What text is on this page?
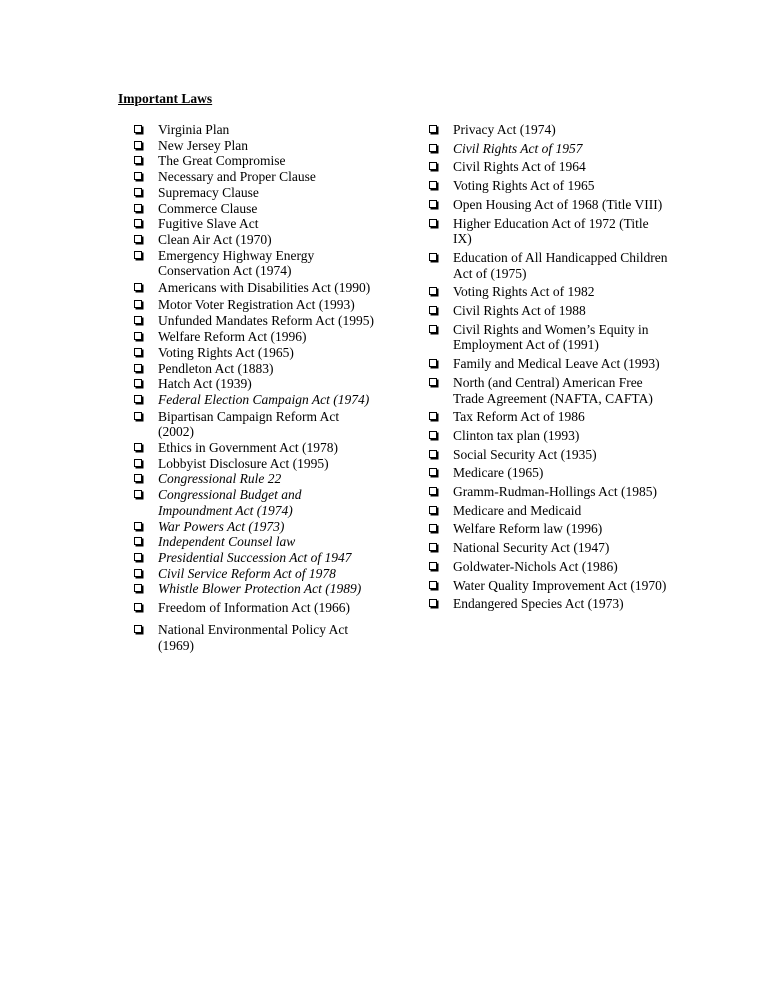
Important Laws

Virginia Plan
New Jersey Plan
The Great Compromise
Necessary and Proper Clause
Supremacy Clause
Commerce Clause
Fugitive Slave Act
Clean Air Act (1970)
Emergency Highway Energy Conservation Act (1974)
Americans with Disabilities Act (1990)
Motor Voter Registration Act (1993)
Unfunded Mandates Reform Act (1995)
Welfare Reform Act (1996)
Voting Rights Act (1965)
Pendleton Act (1883)
Hatch Act (1939)
Federal Election Campaign Act (1974)
Bipartisan Campaign Reform Act (2002)
Ethics in Government Act (1978)
Lobbyist Disclosure Act (1995)
Congressional Rule 22
Congressional Budget and Impoundment Act (1974)
War Powers Act (1973)
Independent Counsel law
Presidential Succession Act of 1947
Civil Service Reform Act of 1978
Whistle Blower Protection Act (1989)
Freedom of Information Act (1966)
National Environmental Policy Act (1969)
Privacy Act (1974)
Civil Rights Act of 1957
Civil Rights Act of 1964
Voting Rights Act of 1965
Open Housing Act of 1968 (Title VIII)
Higher Education Act of 1972 (Title IX)
Education of All Handicapped Children Act of (1975)
Voting Rights Act of 1982
Civil Rights Act of 1988
Civil Rights and Women’s Equity in Employment Act of (1991)
Family and Medical Leave Act (1993)
North (and Central) American Free Trade Agreement (NAFTA, CAFTA)
Tax Reform Act of 1986
Clinton tax plan (1993)
Social Security Act (1935)
Medicare (1965)
Gramm-Rudman-Hollings Act (1985)
Medicare and Medicaid
Welfare Reform law (1996)
National Security Act (1947)
Goldwater-Nichols Act (1986)
Water Quality Improvement Act (1970)
Endangered Species Act (1973)
